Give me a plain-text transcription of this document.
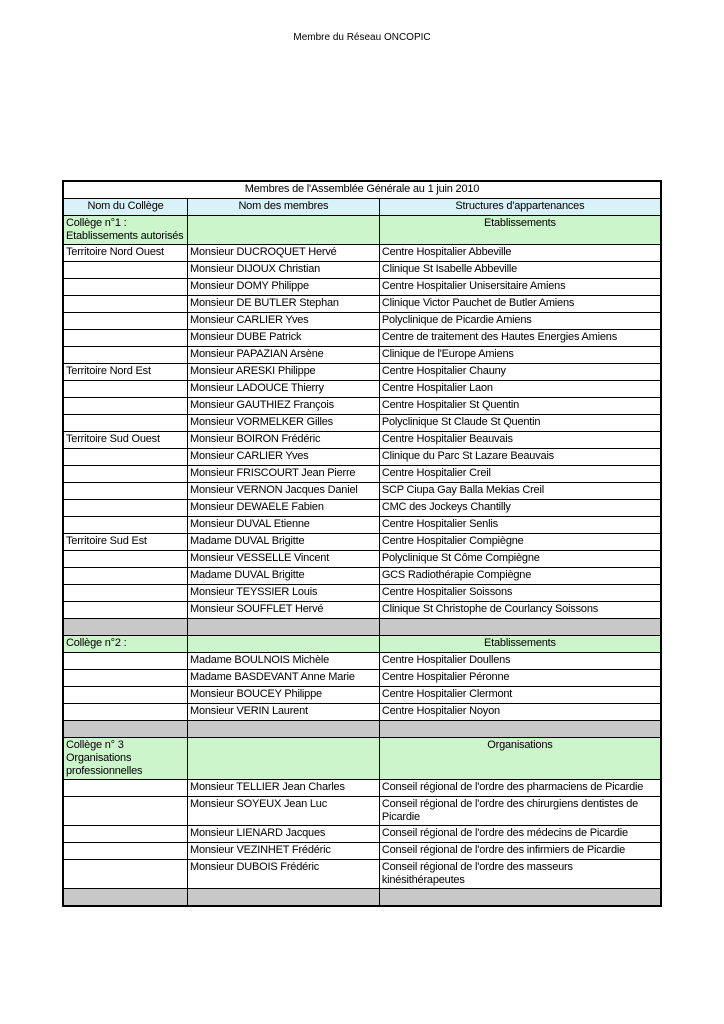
Membre du Réseau ONCOPIC
Membres de l'Assemblée Générale au 1 juin 2010		
Nom du Collège	Nom des membres	Structures d'appartenances
Collège n°1 : Etablissements autorisés		Etablissements
Territoire Nord Ouest	Monsieur DUCROQUET Hervé	Centre Hospitalier Abbeville
	Monsieur DIJOUX Christian	Clinique St Isabelle Abbeville
	Monsieur DOMY Philippe	Centre Hospitalier Unisersitaire Amiens
	Monsieur DE BUTLER Stephan	Clinique Victor Pauchet de Butler Amiens
	Monsieur CARLIER Yves	Polyclinique de Picardie Amiens
	Monsieur DUBE Patrick	Centre de traitement des Hautes Energies Amiens
	Monsieur PAPAZIAN Arsène	Clinique de l'Europe Amiens
Territoire Nord Est	Monsieur ARESKI Philippe	Centre Hospitalier Chauny
	Monsieur LADOUCE Thierry	Centre Hospitalier Laon
	Monsieur GAUTHIEZ François	Centre Hospitalier St Quentin
	Monsieur VORMELKER Gilles	Polyclinique St Claude St Quentin
Territoire Sud Ouest	Monsieur BOIRON Frédéric	Centre Hospitalier Beauvais
	Monsieur CARLIER Yves	Clinique du Parc St Lazare Beauvais
	Monsieur FRISCOURT Jean Pierre	Centre Hospitalier Creil
	Monsieur VERNON Jacques Daniel	SCP Ciupa Gay Balla Mekias Creil
	Monsieur DEWAELE Fabien	CMC des Jockeys Chantilly
	Monsieur DUVAL Etienne	Centre Hospitalier Senlis
Territoire Sud Est	Madame DUVAL Brigitte	Centre Hospitalier Compiègne
	Monsieur VESSELLE Vincent	Polyclinique St Côme Compiègne
	Madame DUVAL Brigitte	GCS Radiothérapie Compiègne
	Monsieur TEYSSIER Louis	Centre Hospitalier Soissons
	Monsieur SOUFFLET Hervé	Clinique St Christophe de Courlancy Soissons

Collège n°2 :		Etablissements
	Madame BOULNOIS Michèle	Centre Hospitalier Doullens
	Madame BASDEVANT Anne Marie	Centre Hospitalier Péronne
	Monsieur BOUCEY Philippe	Centre Hospitalier Clermont
	Monsieur VERIN Laurent	Centre Hospitalier Noyon

Collège n° 3 Organisations professionnelles		Organisations
	Monsieur TELLIER Jean Charles	Conseil régional de l'ordre des pharmaciens de Picardie
	Monsieur SOYEUX Jean Luc	Conseil régional de l'ordre des chirurgiens dentistes de Picardie
	Monsieur LIENARD Jacques	Conseil régional de l'ordre des médecins de Picardie
	Monsieur VEZINHET Frédéric	Conseil régional de l'ordre des infirmiers de Picardie
	Monsieur DUBOIS Frédéric	Conseil régional de l'ordre des masseurs kinésithérapeutes
